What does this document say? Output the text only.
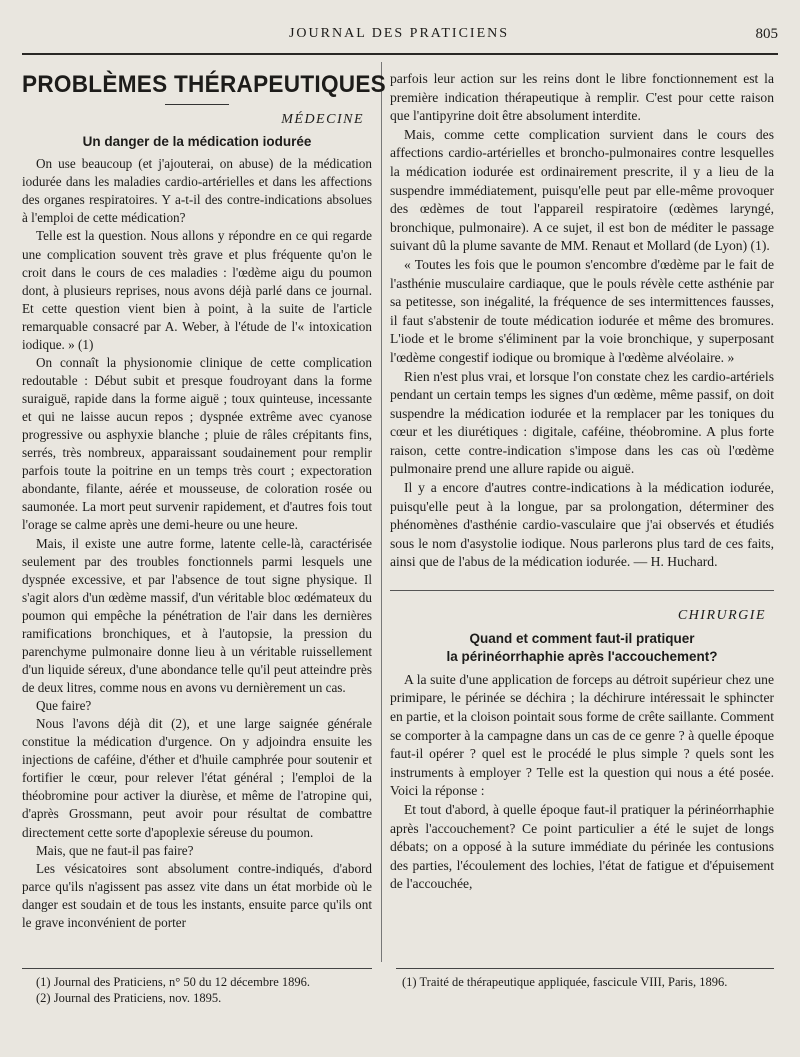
JOURNAL DES PRATICIENS	805
PROBLÈMES THÉRAPEUTIQUES
MÉDECINE
Un danger de la médication iodurée

On use beaucoup (et j'ajouterai, on abuse) de la médication iodurée dans les maladies cardio-artérielles et dans les affections des organes respiratoires. Y a-t-il des contre-indications absolues à l'emploi de cette médication?

Telle est la question. Nous allons y répondre en ce qui regarde une complication souvent très grave et plus fréquente qu'on le croit dans le cours de ces maladies : l'œdème aigu du poumon dont, à plusieurs reprises, nous avons déjà parlé dans ce journal. Et cette question vient bien à point, à la suite de l'article remarquable consacré par A. Weber, à l'étude de l'« intoxication iodique. » (1)

On connaît la physionomie clinique de cette complication redoutable : Début subit et presque foudroyant dans la forme suraiguë, rapide dans la forme aiguë ; toux quinteuse, incessante et qui ne laisse aucun repos ; dyspnée extrême avec cyanose progressive ou asphyxie blanche ; pluie de râles crépitants fins, serrés, très nombreux, apparaissant soudainement pour remplir parfois toute la poitrine en un temps très court ; expectoration abondante, filante, aérée et mousseuse, de coloration rosée ou saumonée. La mort peut survenir rapidement, et d'autres fois tout l'orage se calme après une demi-heure ou une heure.

Mais, il existe une autre forme, latente celle-là, caractérisée seulement par des troubles fonctionnels parmi lesquels une dyspnée excessive, et par l'absence de tout signe physique. Il s'agit alors d'un œdème massif, d'un véritable bloc œdémateux du poumon qui empêche la pénétration de l'air dans les dernières ramifications bronchiques, et à l'autopsie, la pression du parenchyme pulmonaire donne lieu à un véritable ruissellement d'un liquide séreux, d'une abondance telle qu'il peut atteindre près de deux litres, comme nous en avons vu dernièrement un cas.

Que faire?

Nous l'avons déjà dit (2), et une large saignée générale constitue la médication d'urgence. On y adjoindra ensuite les injections de caféine, d'éther et d'huile camphrée pour soutenir et fortifier le cœur, pour relever l'état général ; l'emploi de la théobromine pour activer la diurèse, et même de l'atropine qui, d'après Grossmann, peut avoir pour résultat de combattre directement cette sorte d'apoplexie séreuse du poumon.

Mais, que ne faut-il pas faire?

Les vésicatoires sont absolument contre-indiqués, d'abord parce qu'ils n'agissent pas assez vite dans un état morbide où le danger est soudain et de tous les instants, ensuite parce qu'ils ont le grave inconvénient de porter

parfois leur action sur les reins dont le libre fonctionnement est la première indication thérapeutique à remplir. C'est pour cette raison que l'antipyrine doit être absolument interdite.

Mais, comme cette complication survient dans le cours des affections cardio-artérielles et broncho-pulmonaires contre lesquelles la médication iodurée est ordinairement prescrite, il y a lieu de la suspendre immédiatement, puisqu'elle peut par elle-même provoquer des œdèmes de tout l'appareil respiratoire (œdèmes laryngé, bronchique, pulmonaire). A ce sujet, il est bon de méditer le passage suivant dû la plume savante de MM. Renaut et Mollard (de Lyon) (1).

« Toutes les fois que le poumon s'encombre d'œdème par le fait de l'asthénie musculaire cardiaque, que le pouls révèle cette asthénie par sa petitesse, son inégalité, la fréquence de ses intermittences fausses, il faut s'abstenir de toute médication iodurée et même des bromures. L'iode et le brome s'éliminent par la voie bronchique, y superposant l'œdème congestif iodique ou bromique à l'œdème alvéolaire. »

Rien n'est plus vrai, et lorsque l'on constate chez les cardio-artériels pendant un certain temps les signes d'un œdème, même passif, on doit suspendre la médication iodurée et la remplacer par les toniques du cœur et les diurétiques : digitale, caféine, théobromine. A plus forte raison, cette contre-indication s'impose dans les cas où l'œdème pulmonaire prend une allure rapide ou aiguë.

Il y a encore d'autres contre-indications à la médication iodurée, puisqu'elle peut à la longue, par sa prolongation, déterminer des phénomènes d'asthénie cardio-vasculaire que j'ai observés et étudiés sous le nom d'asystolie iodique. Nous parlerons plus tard de ces faits, ainsi que de l'abus de la médication iodurée. — H. Huchard.

CHIRURGIE
Quand et comment faut-il pratiquer
la périnéorrhaphie après l'accouchement?

A la suite d'une application de forceps au détroit supérieur chez une primipare, le périnée se déchira ; la déchirure intéressait le sphincter en partie, et la cloison pointait sous forme de crête saillante. Comment se comporter à la campagne dans un cas de ce genre ? à quelle époque faut-il opérer ? quel est le procédé le plus simple ? quels sont les instruments à employer ? Telle est la question qui nous a été posée. Voici la réponse :

Et tout d'abord, à quelle époque faut-il pratiquer la périnéorrhaphie après l'accouchement? Ce point particulier a été le sujet de longs débats; on a opposé à la suture immédiate du périnée les contusions des parties, l'écoulement des lochies, l'état de fatigue et d'épuisement de l'accouchée,

(1) Journal des Praticiens, n° 50 du 12 décembre 1896.

(2) Journal des Praticiens, nov. 1895.

(1) Traité de thérapeutique appliquée, fascicule VIII, Paris, 1896.
